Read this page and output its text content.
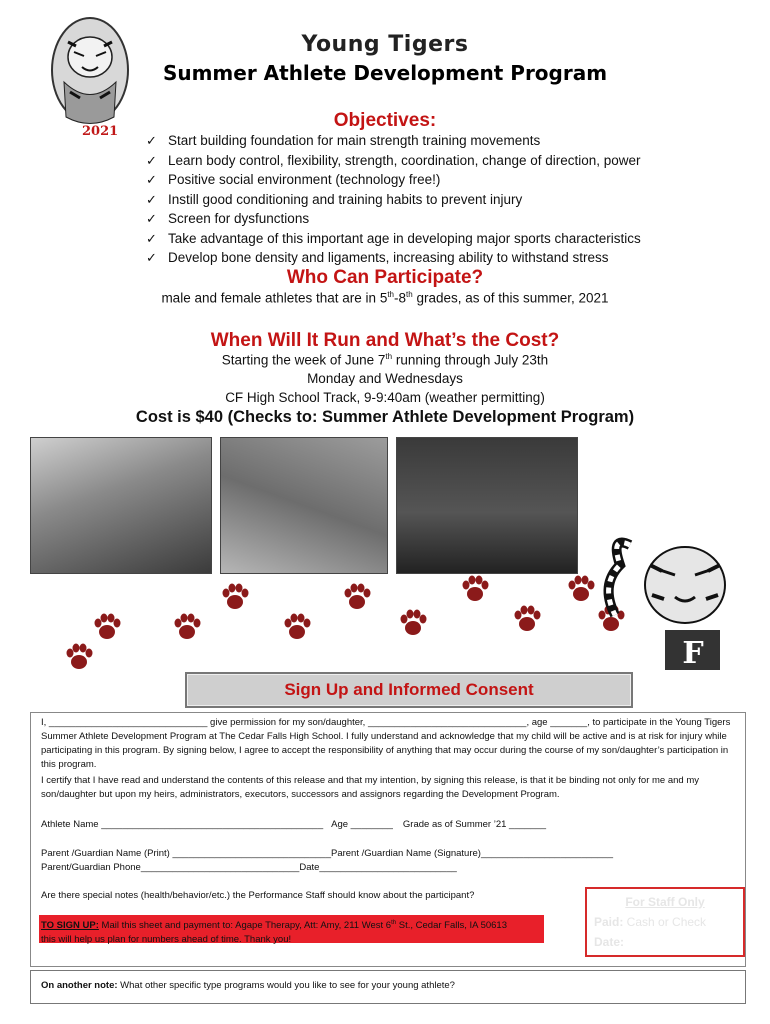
2021
Young Tigers
Summer Athlete Development Program
Objectives:
✓ Start building foundation for main strength training movements
✓ Learn body control, flexibility, strength, coordination, change of direction, power
✓ Positive social environment (technology free!)
✓ Instill good conditioning and training habits to prevent injury
✓ Screen for dysfunctions
✓ Take advantage of this important age in developing major sports characteristics
✓ Develop bone density and ligaments, increasing ability to withstand stress
Who Can Participate?
male and female athletes that are in 5th-8th grades, as of this summer, 2021
When Will It Run and What’s the Cost?
Starting the week of June 7th running through July 23th
Monday and Wednesdays
CF High School Track, 9-9:40am (weather permitting)
Cost is $40 (Checks to: Summer Athlete Development Program)
F
Sign Up and Informed Consent
I, ______________________________ give permission for my son/daughter, ______________________________, age _______, to participate in the Young Tigers Summer Athlete Development Program at The Cedar Falls High School. I fully understand and acknowledge that my child will be active and is at risk for injury while participating in this program. By signing below, I agree to accept the responsibility of anything that may occur during the course of my son/daughter’s participation in this program.
I certify that I have read and understand the contents of this release and that my intention, by signing this release, is that it be binding not only for me and my son/daughter but upon my heirs, administrators, executors, successors and assignors regarding the Development Program.
Athlete Name __________________________________________ Age ________ Grade as of Summer ’21 _______
Parent /Guardian Name (Print) ______________________________ Parent /Guardian Name (Signature)_________________________
Parent/Guardian Phone______________________________ Date__________________________
Are there special notes (health/behavior/etc.) the Performance Staff should know about the participant?
TO SIGN UP: Mail this sheet and payment to: Agape Therapy, Att: Amy, 211 West 6th St., Cedar Falls, IA 50613
this will help us plan for numbers ahead of time. Thank you!
For Staff Only
Paid: Cash or Check
Date:
On another note: What other specific type programs would you like to see for your young athlete?
